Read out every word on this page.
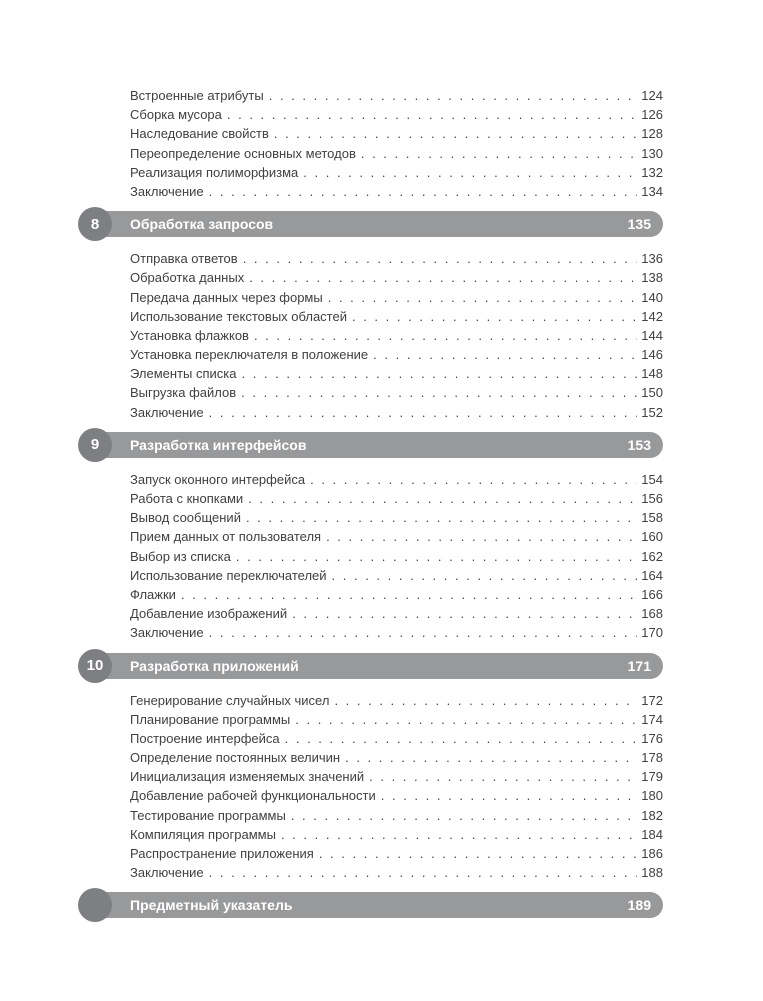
Встроенные атрибуты . . .	124
Сборка мусора . . .	126
Наследование свойств . . .	128
Переопределение основных методов . . .	130
Реализация полиморфизма . . .	132
Заключение . . .	134
8	Обработка запросов	135
Отправка ответов . . .	136
Обработка данных . . .	138
Передача данных через формы . . .	140
Использование текстовых областей . . .	142
Установка флажков . . .	144
Установка переключателя в положение . . .	146
Элементы списка . . .	148
Выгрузка файлов . . .	150
Заключение . . .	152
9	Разработка интерфейсов	153
Запуск оконного интерфейса . . .	154
Работа с кнопками . . .	156
Вывод сообщений . . .	158
Прием данных от пользователя . . .	160
Выбор из списка . . .	162
Использование переключателей . . .	164
Флажки . . .	166
Добавление изображений . . .	168
Заключение . . .	170
10	Разработка приложений	171
Генерирование случайных чисел . . .	172
Планирование программы . . .	174
Построение интерфейса . . .	176
Определение постоянных величин . . .	178
Инициализация изменяемых значений . . .	179
Добавление рабочей функциональности . . .	180
Тестирование программы . . .	182
Компиляция программы . . .	184
Распространение приложения . . .	186
Заключение . . .	188
Предметный указатель	189
